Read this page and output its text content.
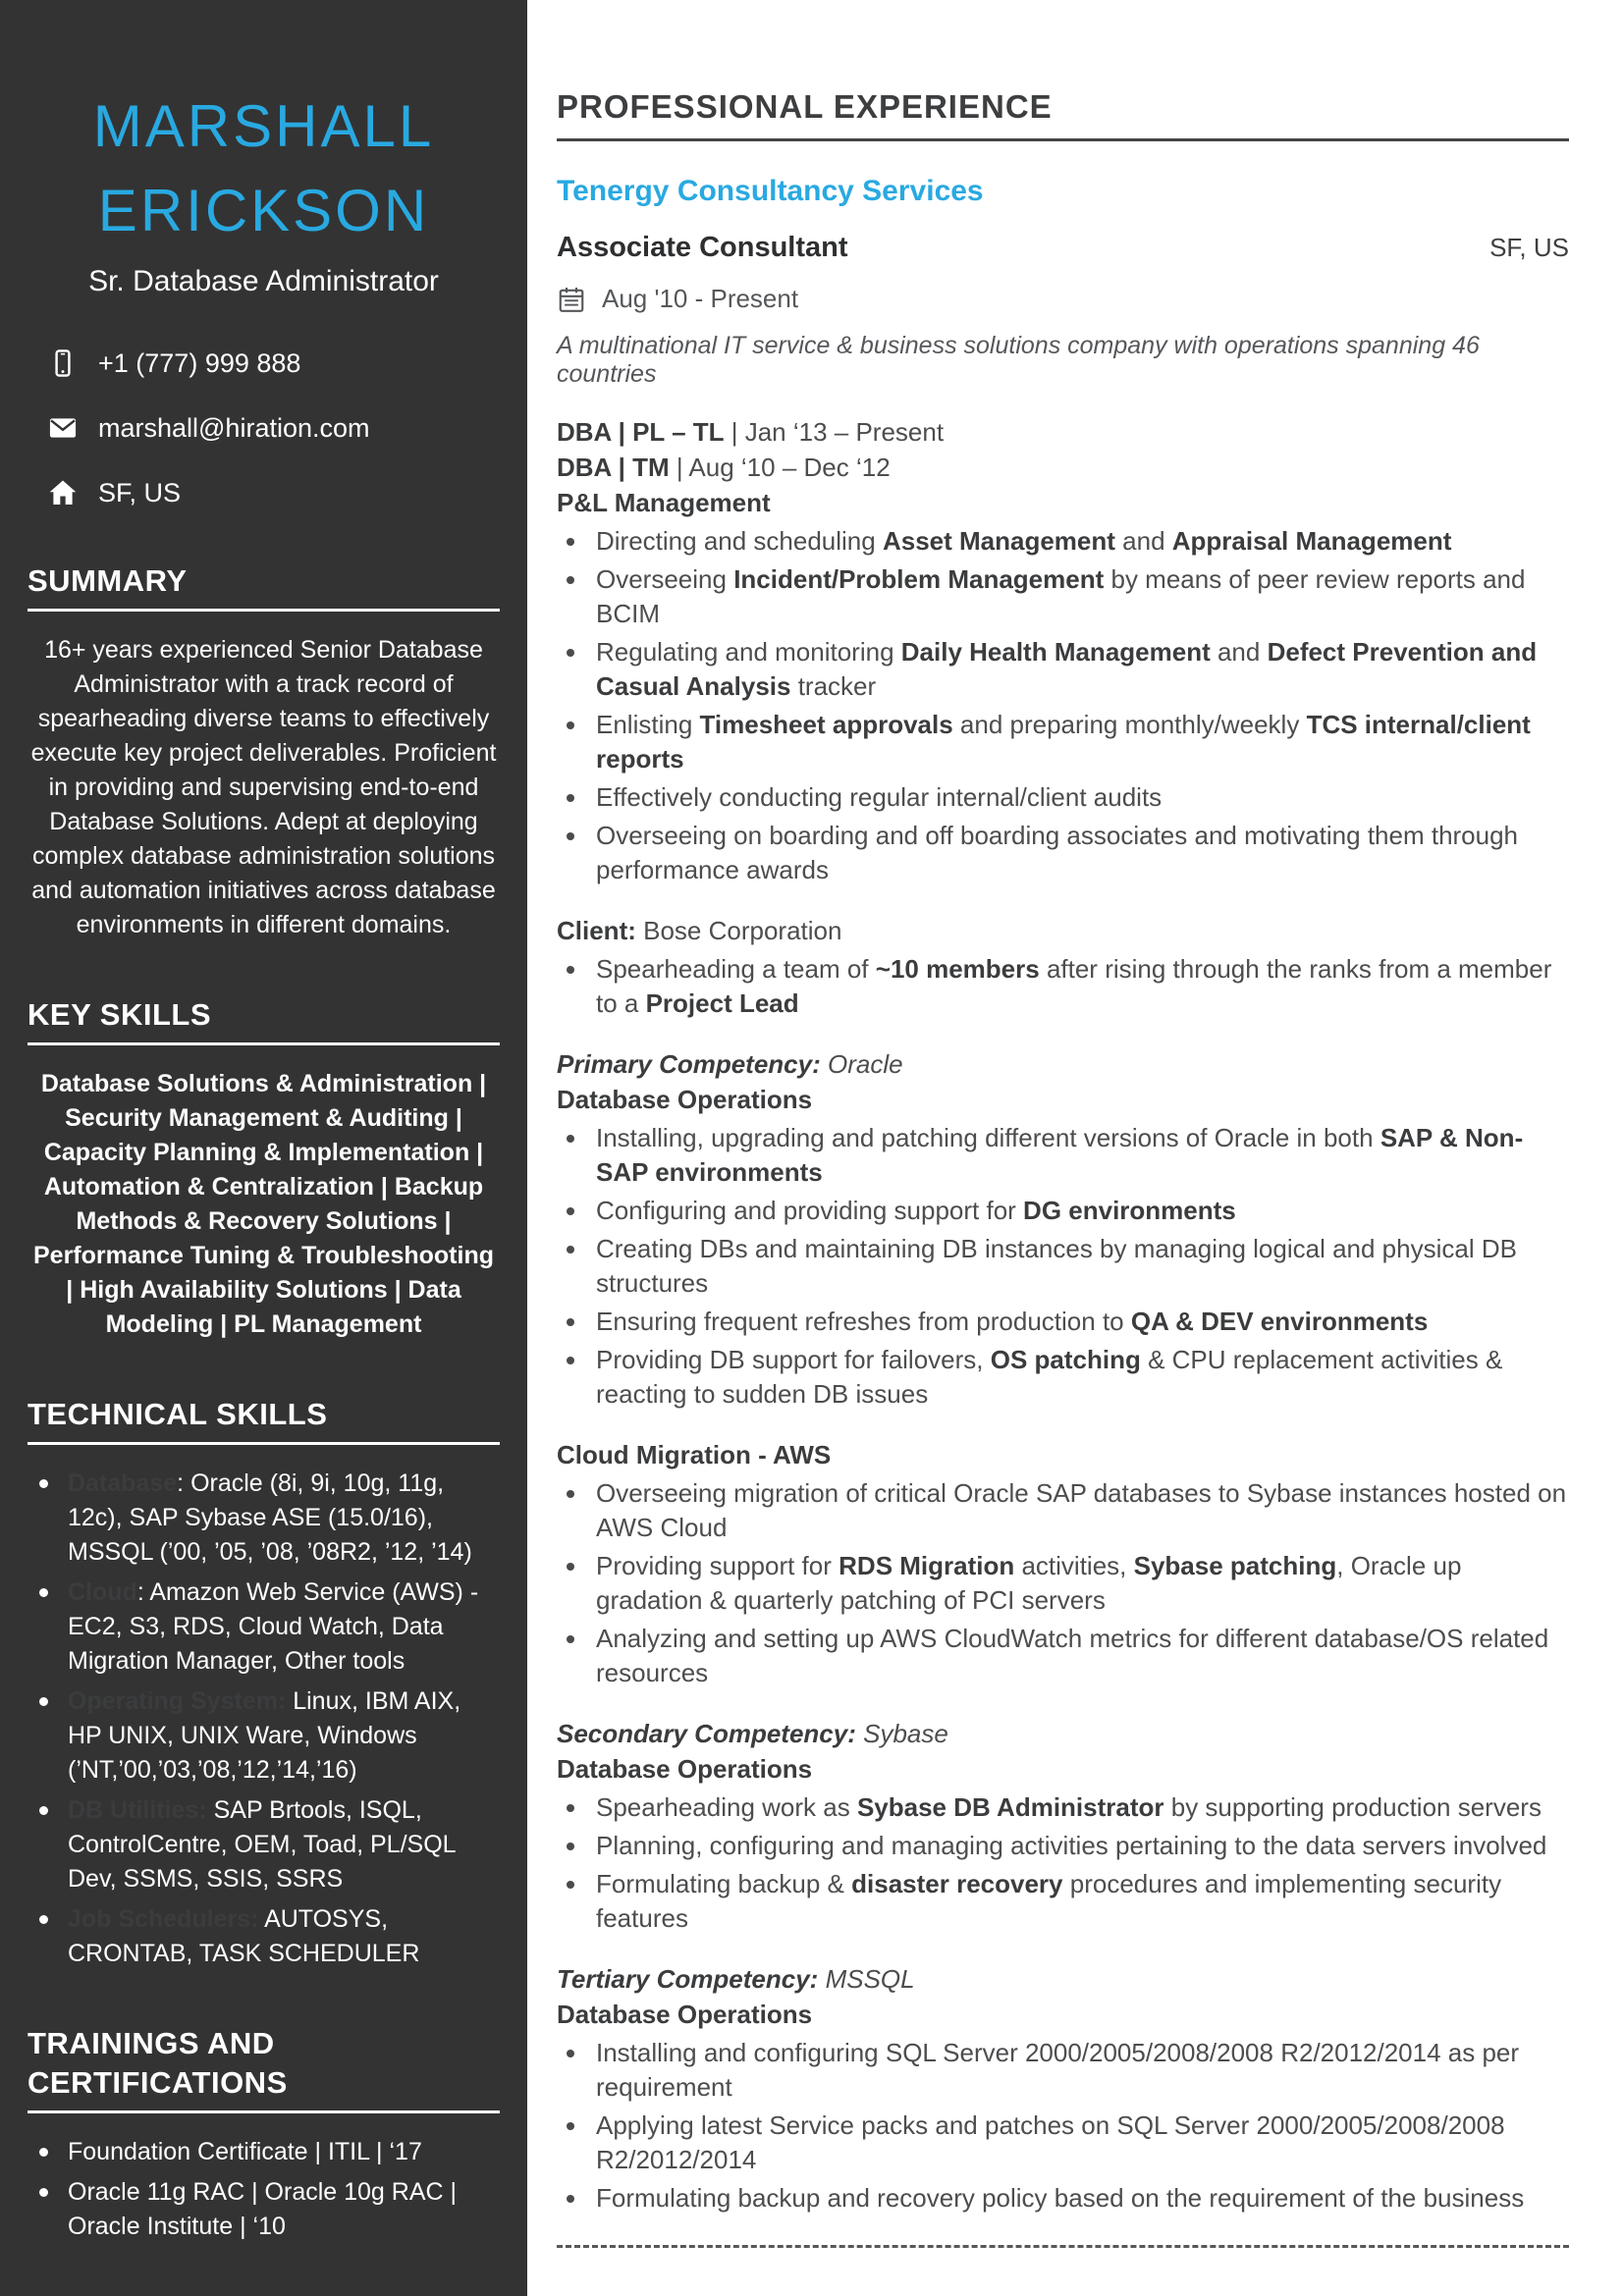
MARSHALL
ERICKSON
Sr. Database Administrator
+1 (777) 999 888
marshall@hiration.com
SF, US
SUMMARY

16+ years experienced Senior Database Administrator with a track record of spearheading diverse teams to effectively execute key project deliverables. Proficient in providing and supervising end-to-end Database Solutions. Adept at deploying complex database administration solutions and automation initiatives across database environments in different domains.

KEY SKILLS

Database Solutions & Administration | Security Management & Auditing | Capacity Planning & Implementation | Automation & Centralization | Backup Methods & Recovery Solutions | Performance Tuning & Troubleshooting | High Availability Solutions | Data Modeling | PL Management

TECHNICAL SKILLS
Database: Oracle (8i, 9i, 10g, 11g, 12c), SAP Sybase ASE (15.0/16), MSSQL (’00, ’05, ’08, ’08R2, ’12, ’14)
Cloud: Amazon Web Service (AWS) - EC2, S3, RDS, Cloud Watch, Data Migration Manager, Other tools
Operating System: Linux, IBM AIX, HP UNIX, UNIX Ware, Windows (’NT,’00,’03,’08,’12,’14,’16)
DB Utilities: SAP Brtools, ISQL, ControlCentre, OEM, Toad, PL/SQL Dev, SSMS, SSIS, SSRS
Job Schedulers: AUTOSYS, CRONTAB, TASK SCHEDULER
TRAININGS AND CERTIFICATIONS
Foundation Certificate | ITIL | ‘17
Oracle 11g RAC | Oracle 10g RAC | Oracle Institute | ‘10
PROFESSIONAL EXPERIENCE
Tenergy Consultancy Services
Associate Consultant	SF, US
Aug '10 - Present
A multinational IT service & business solutions company with operations spanning 46 countries
DBA | PL – TL | Jan ‘13 – Present
DBA | TM | Aug ‘10 – Dec ‘12
P&L Management
Directing and scheduling Asset Management and Appraisal Management
Overseeing Incident/Problem Management by means of peer review reports and BCIM
Regulating and monitoring Daily Health Management and Defect Prevention and Casual Analysis tracker
Enlisting Timesheet approvals and preparing monthly/weekly TCS internal/client reports
Effectively conducting regular internal/client audits
Overseeing on boarding and off boarding associates and motivating them through performance awards
Client: Bose Corporation
Spearheading a team of ~10 members after rising through the ranks from a member to a Project Lead
Primary Competency: Oracle
Database Operations
Installing, upgrading and patching different versions of Oracle in both SAP & Non-SAP environments
Configuring and providing support for DG environments
Creating DBs and maintaining DB instances by managing logical and physical DB structures
Ensuring frequent refreshes from production to QA & DEV environments
Providing DB support for failovers, OS patching & CPU replacement activities & reacting to sudden DB issues
Cloud Migration - AWS
Overseeing migration of critical Oracle SAP databases to Sybase instances hosted on AWS Cloud
Providing support for RDS Migration activities, Sybase patching, Oracle up gradation & quarterly patching of PCI servers
Analyzing and setting up AWS CloudWatch metrics for different database/OS related resources
Secondary Competency: Sybase
Database Operations
Spearheading work as Sybase DB Administrator by supporting production servers
Planning, configuring and managing activities pertaining to the data servers involved
Formulating backup & disaster recovery procedures and implementing security features
Tertiary Competency: MSSQL
Database Operations
Installing and configuring SQL Server 2000/2005/2008/2008 R2/2012/2014 as per requirement
Applying latest Service packs and patches on SQL Server 2000/2005/2008/2008 R2/2012/2014
Formulating backup and recovery policy based on the requirement of the business
